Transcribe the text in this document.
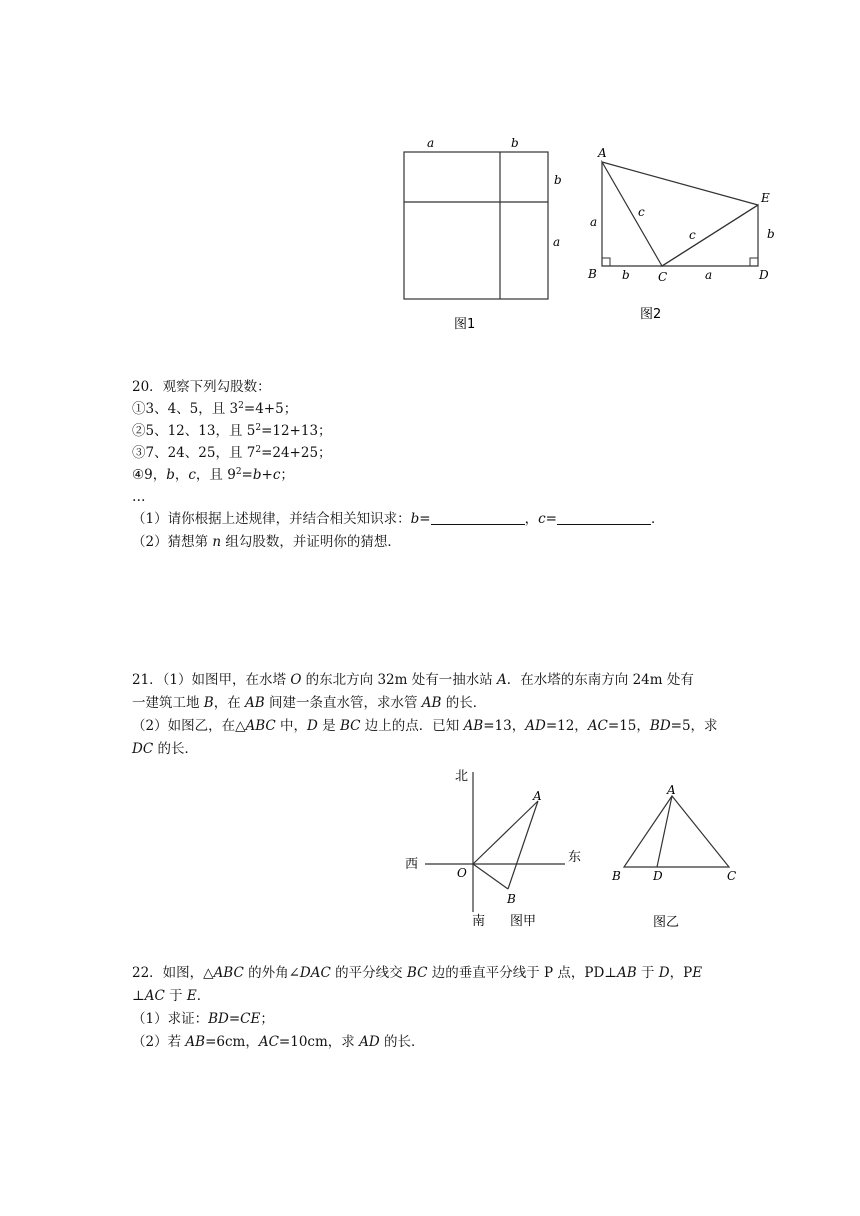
a	b
b
a
图1
A
B	C	D
E
a
b	a
b
c
c
图2
20．观察下列勾股数：
①3、4、5，且 $3^2=4+5$；
②5、12、13，且 $5^2=12+13$；
③7、24、25，且 $7^2=24+25$；
④9，b，c，且 $9^2=b+c$；
…
（1）请你根据上述规律，并结合相关知识求：b=	，c=	．
（2）猜想第 n 组勾股数，并证明你的猜想．
21．（1）如图甲，在水塔 O 的东北方向 32m 处有一抽水站 A．在水塔的东南方向 24m 处有
一建筑工地 B，在 AB 间建一条直水管，求水管 AB 的长．
（2）如图乙，在△ABC 中，D 是 BC 边上的点．已知 AB=13，AD=12，AC=15，BD=5，求
DC 的长．
北
西	东
南
O
A
B
图甲
A
B	D	C
图乙
22．如图，△ABC 的外角∠DAC 的平分线交 BC 边的垂直平分线于 P 点，PD⊥AB 于 D，PE
⊥AC 于 E．
（1）求证：BD=CE；
（2）若 AB=6cm，AC=10cm，求 AD 的长．
